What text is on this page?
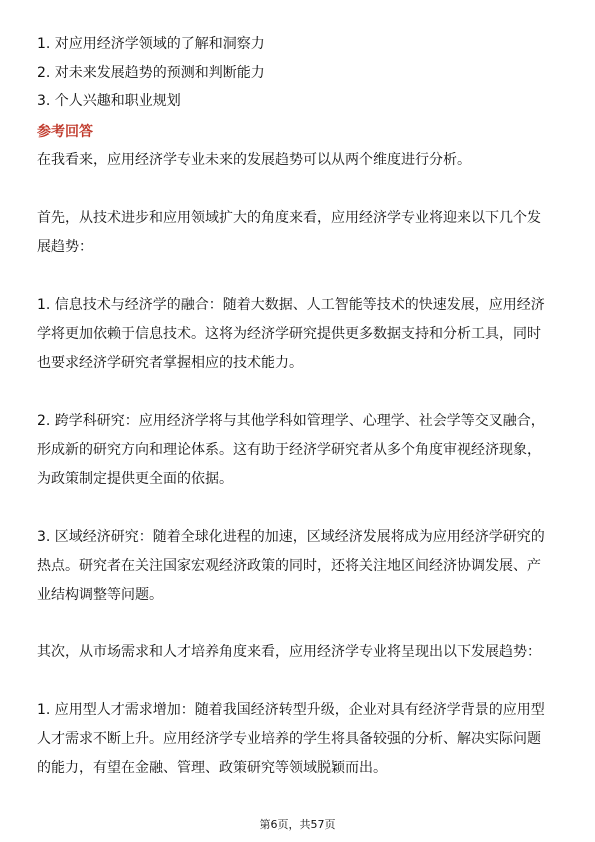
1. 对应用经济学领域的了解和洞察力

2. 对未来发展趋势的预测和判断能力

3. 个人兴趣和职业规划

参考回答

在我看来，应用经济学专业未来的发展趋势可以从两个维度进行分析。

首先，从技术进步和应用领域扩大的角度来看，应用经济学专业将迎来以下几个发

展趋势：

1. 信息技术与经济学的融合：随着大数据、人工智能等技术的快速发展，应用经济

学将更加依赖于信息技术。这将为经济学研究提供更多数据支持和分析工具，同时

也要求经济学研究者掌握相应的技术能力。

2. 跨学科研究：应用经济学将与其他学科如管理学、心理学、社会学等交叉融合，

形成新的研究方向和理论体系。这有助于经济学研究者从多个角度审视经济现象，

为政策制定提供更全面的依据。

3. 区域经济研究：随着全球化进程的加速，区域经济发展将成为应用经济学研究的

热点。研究者在关注国家宏观经济政策的同时，还将关注地区间经济协调发展、产

业结构调整等问题。

其次，从市场需求和人才培养角度来看，应用经济学专业将呈现出以下发展趋势：

1. 应用型人才需求增加：随着我国经济转型升级，企业对具有经济学背景的应用型

人才需求不断上升。应用经济学专业培养的学生将具备较强的分析、解决实际问题

的能力，有望在金融、管理、政策研究等领域脱颖而出。

第6页，共57页
